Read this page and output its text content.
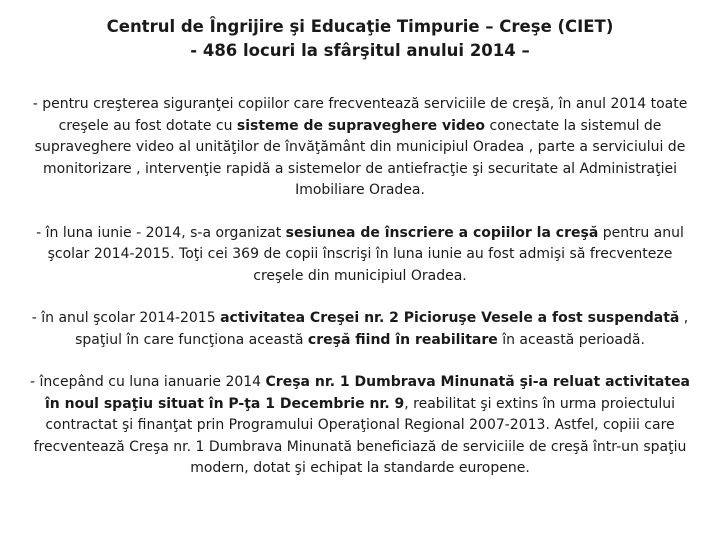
Centrul de Îngrijire şi Educaţie Timpurie – Creşe (CIET)
- 486 locuri la sfârşitul anului 2014 –

- pentru creşterea siguranţei copiilor care frecventează serviciile de creşă, în anul 2014 toate creşele au fost dotate cu sisteme de supraveghere video conectate la sistemul de supraveghere video al unităţilor de învăţământ din municipiul Oradea , parte a serviciului de monitorizare , intervenţie rapidă a sistemelor de antiefracţie şi securitate al Administraţiei Imobiliare Oradea.

- în luna iunie - 2014, s-a organizat sesiunea de înscriere a copiilor la creşă pentru anul şcolar 2014-2015. Toţi cei 369 de copii înscrişi în luna iunie au fost admişi să frecventeze creşele din municipiul Oradea.

- în anul şcolar 2014-2015 activitatea Creşei nr. 2 Picioruşe Vesele a fost suspendată , spaţiul în care funcţiona această creşă fiind în reabilitare în această perioadă.

- începând cu luna ianuarie 2014 Creşa nr. 1 Dumbrava Minunată şi-a reluat activitatea în noul spaţiu situat în P-ţa 1 Decembrie nr. 9, reabilitat şi extins în urma proiectului contractat şi finanţat prin Programului Operaţional Regional 2007-2013. Astfel, copiii care frecventează Creşa nr. 1 Dumbrava Minunată beneficiază de serviciile de creşă într-un spaţiu modern, dotat şi echipat la standarde europene.
